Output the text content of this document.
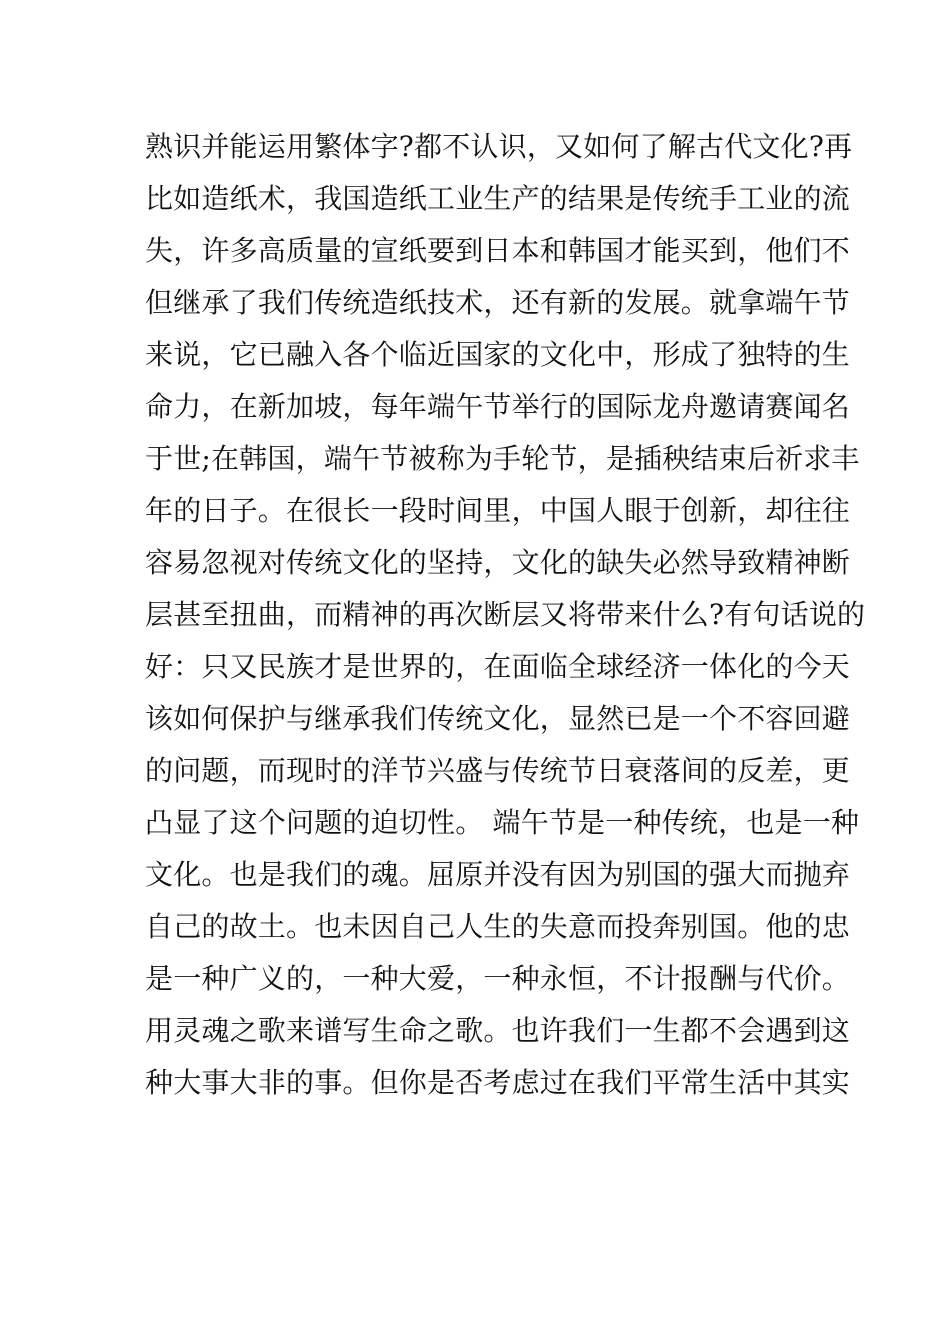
熟识并能运用繁体字?都不认识，又如何了解古代文化?再
比如造纸术，我国造纸工业生产的结果是传统手工业的流
失，许多高质量的宣纸要到日本和韩国才能买到，他们不
但继承了我们传统造纸技术，还有新的发展。就拿端午节
来说，它已融入各个临近国家的文化中，形成了独特的生
命力，在新加坡，每年端午节举行的国际龙舟邀请赛闻名
于世;在韩国，端午节被称为手轮节，是插秧结束后祈求丰
年的日子。在很长一段时间里，中国人眼于创新，却往往
容易忽视对传统文化的坚持，文化的缺失必然导致精神断
层甚至扭曲，而精神的再次断层又将带来什么?有句话说的
好：只又民族才是世界的，在面临全球经济一体化的今天
该如何保护与继承我们传统文化，显然已是一个不容回避
的问题，而现时的洋节兴盛与传统节日衰落间的反差，更
凸显了这个问题的迫切性。 端午节是一种传统，也是一种
文化。也是我们的魂。屈原并没有因为别国的强大而抛弃
自己的故土。也未因自己人生的失意而投奔别国。他的忠
是一种广义的，一种大爱，一种永恒，不计报酬与代价。
用灵魂之歌来谱写生命之歌。也许我们一生都不会遇到这
种大事大非的事。但你是否考虑过在我们平常生活中其实
